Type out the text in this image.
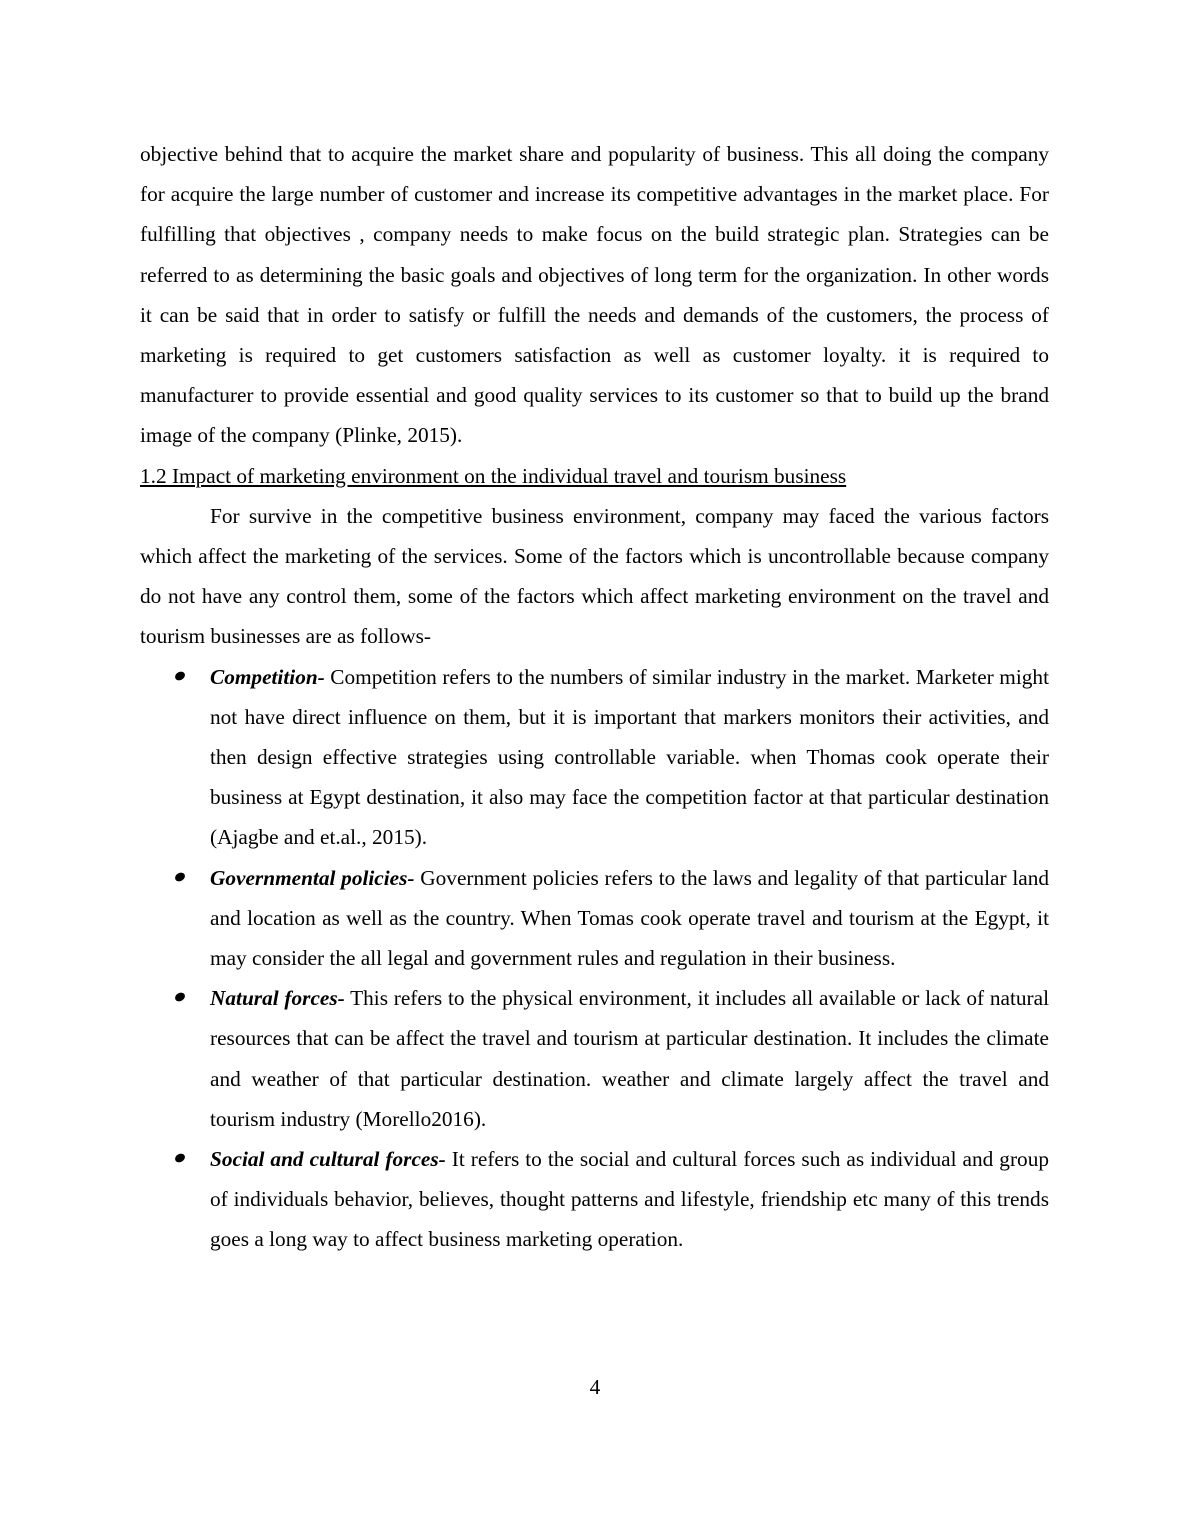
objective behind that to acquire the market share and popularity of business. This all doing the company for acquire the large number of customer and increase its competitive advantages in the market place. For fulfilling that objectives , company needs to make focus on the build strategic plan. Strategies can be referred to as determining the basic goals and objectives of long term for the organization. In other words it can be said that in order to satisfy or fulfill the needs and demands of the customers, the process of marketing is required to get customers satisfaction as well as customer loyalty. it is required to manufacturer to provide essential and good quality services to its customer so that to build up the brand image of the company (Plinke, 2015).

1.2 Impact of marketing environment on the individual travel and tourism business

For survive in the competitive business environment, company may faced the various factors which affect the marketing of the services. Some of the factors which is uncontrollable because company do not have any control them, some of the factors which affect marketing environment on the travel and tourism businesses are as follows-

Competition- Competition refers to the numbers of similar industry in the market. Marketer might not have direct influence on them, but it is important that markers monitors their activities, and then design effective strategies using controllable variable. when Thomas cook operate their business at Egypt destination, it also may face the competition factor at that particular destination (Ajagbe and et.al., 2015).
Governmental policies- Government policies refers to the laws and legality of that particular land and location as well as the country. When Tomas cook operate travel and tourism at the Egypt, it may consider the all legal and government rules and regulation in their business.
Natural forces- This refers to the physical environment, it includes all available or lack of natural resources that can be affect the travel and tourism at particular destination. It includes the climate and weather of that particular destination. weather and climate largely affect the travel and tourism industry (Morello2016).
Social and cultural forces- It refers to the social and cultural forces such as individual and group of individuals behavior, believes, thought patterns and lifestyle, friendship etc many of this trends goes a long way to affect business marketing operation.
4
